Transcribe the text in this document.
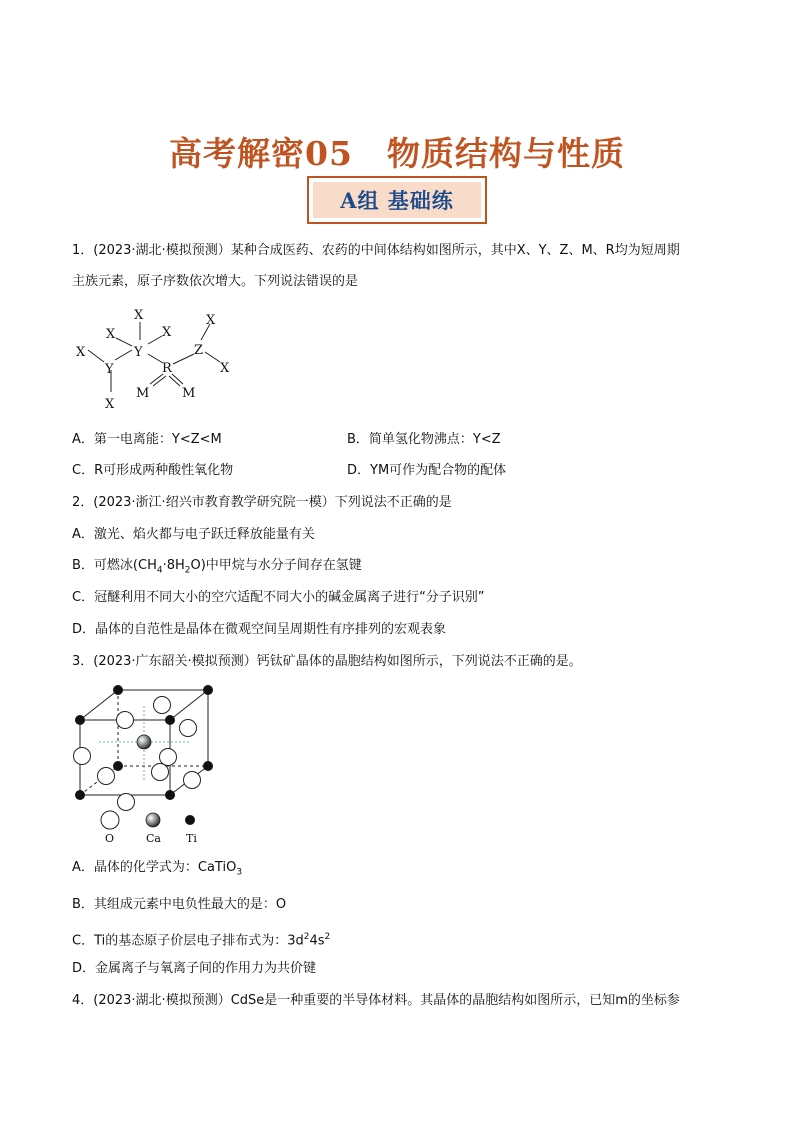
高考解密05　物质结构与性质
A组 基础练
1．(2023·湖北·模拟预测）某种合成医药、农药的中间体结构如图所示，其中X、Y、Z、M、R均为短周期
主族元素，原子序数依次增大。下列说法错误的是
X
Y
X
X
Y
X
X
R
Z
X
X
M	M
A．第一电离能：Y<Z<M	B．简单氢化物沸点：Y<Z
C．R可形成两种酸性氧化物	D．YM可作为配合物的配体
2．(2023·浙江·绍兴市教育教学研究院一模）下列说法不正确的是
A．激光、焰火都与电子跃迁释放能量有关
B．可燃冰$(CH_4\cdot 8H_2O)$中甲烷与水分子间存在氢键
C．冠醚利用不同大小的空穴适配不同大小的碱金属离子进行“分子识别”
D．晶体的自范性是晶体在微观空间呈周期性有序排列的宏观表象
3．(2023·广东韶关·模拟预测）钙钛矿晶体的晶胞结构如图所示，下列说法不正确的是。
O	Ca Ti
A．晶体的化学式为：CaTiO$_3$
B．其组成元素中电负性最大的是：O
C．Ti的基态原子价层电子排布式为：$3d^24s^2$
D．金属离子与氧离子间的作用力为共价键
4．(2023·湖北·模拟预测）CdSe是一种重要的半导体材料。其晶体的晶胞结构如图所示，已知m的坐标参
